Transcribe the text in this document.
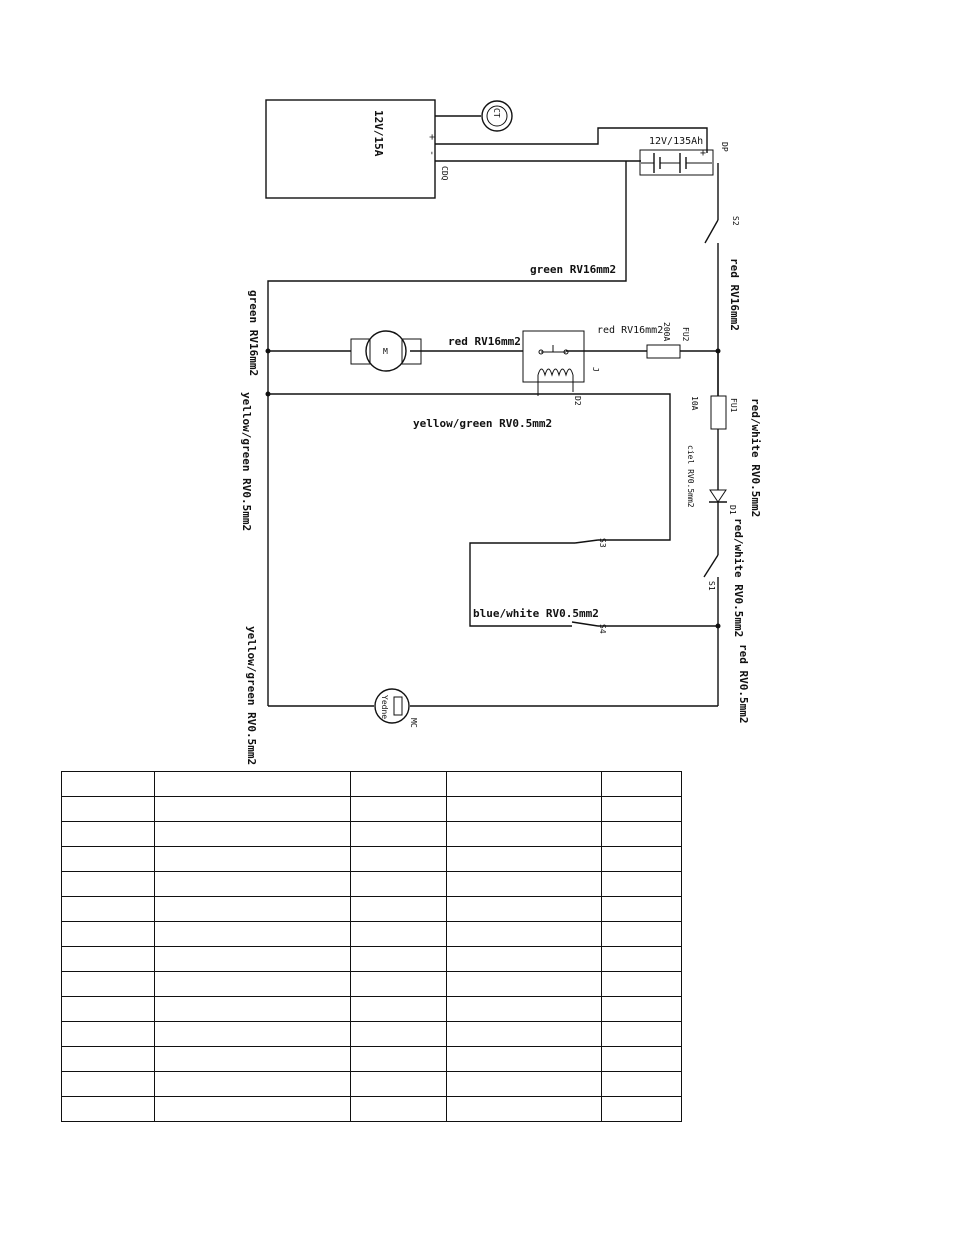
12V/15A	+
-
CDQ
CT
12V/135Ah
+
DP
green RV16mm2
S2
red RV16mm2
FU2
200A
red RV16mm2
J
D2
red RV16mm2
M
green RV16mm2
yellow/green RV0.5mm2
yellow/green RV0.5mm2
S3
FU1
10A	red/white RV0.5mm2
D1
ciel RV0.5mm2
red/white RV0.5mm2
S1
S4
blue/white RV0.5mm2
red RV0.5mm2
Yedne
MC
yellow/green RV0.5mm2
